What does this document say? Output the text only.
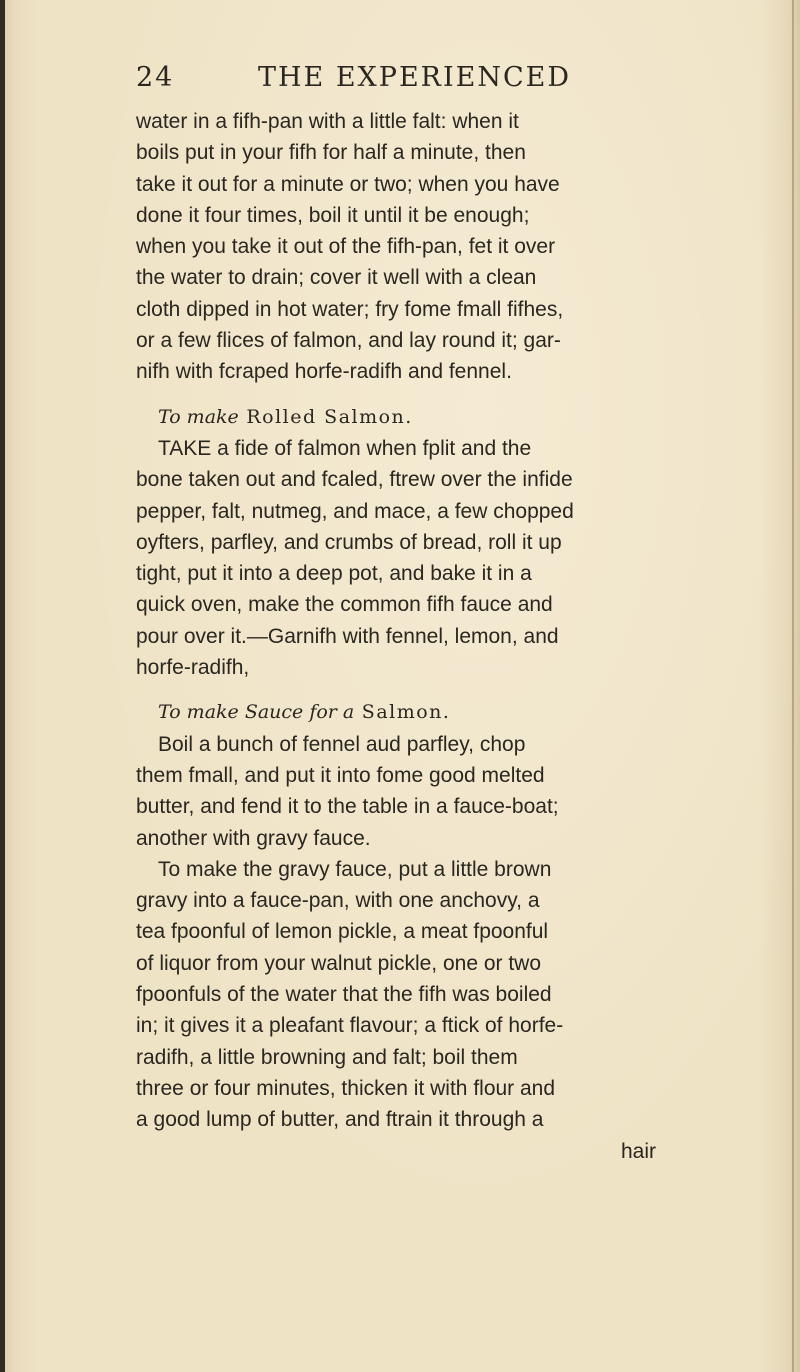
24	THE EXPERIENCED
water in a fifh-pan with a little falt: when it
boils put in your fifh for half a minute, then
take it out for a minute or two; when you have
done it four times, boil it until it be enough;
when you take it out of the fifh-pan, fet it over
the water to drain; cover it well with a clean
cloth dipped in hot water; fry fome fmall fifhes,
or a few flices of falmon, and lay round it; gar-
nifh with fcraped horfe-radifh and fennel.
To make Rolled Salmon.
TAKE a fide of falmon when fplit and the
bone taken out and fcaled, ftrew over the infide
pepper, falt, nutmeg, and mace, a few chopped
oyfters, parfley, and crumbs of bread, roll it up
tight, put it into a deep pot, and bake it in a
quick oven, make the common fifh fauce and
pour over it.—Garnifh with fennel, lemon, and
horfe-radifh,
To make Sauce for a Salmon.
Boil a bunch of fennel aud parfley, chop
them fmall, and put it into fome good melted
butter, and fend it to the table in a fauce-boat;
another with gravy fauce.
To make the gravy fauce, put a little brown
gravy into a fauce-pan, with one anchovy, a
tea fpoonful of lemon pickle, a meat fpoonful
of liquor from your walnut pickle, one or two
fpoonfuls of the water that the fifh was boiled
in; it gives it a pleafant flavour; a ftick of horfe-
radifh, a little browning and falt; boil them
three or four minutes, thicken it with flour and
a good lump of butter, and ftrain it through a
hair
